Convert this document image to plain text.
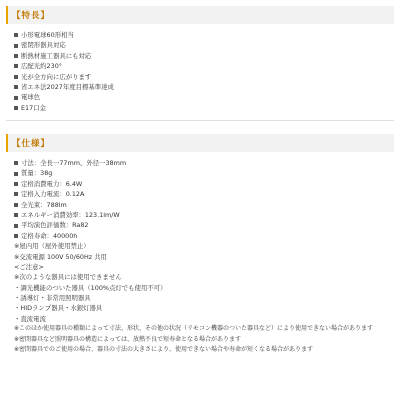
【特長】
小形電球60形相当
密閉形器具対応
断熱材施工器具にも対応
広配光約230°
光が全方向に広がります
省エネ法2027年度目標基準達成
電球色
E17口金
【仕様】
寸法：全長一77mm、外径一38mm
質量：38g
定格消費電力：6.4W
定格入力電流：0.12A
全光束：788lm
エネルギー消費効率：123.1lm/W
平均演色評価数：Ra82
定格寿命：40000h
※屋内用（屋外使用禁止）
※交流電源 100V 50/60Hz 共用
<ご注意>
※次のような器具には使用できません
・調光機能のついた器具（100%点灯でも使用不可）
・誘導灯・非常用照明器具
・HIDランプ器具・水銀灯器具
・直流電流
※このほか使用器具の種類によって寸法、形状、その他の状況（リモコン機器のついた器具など）により使用できない場合があります
※密閉器具など照明器具の構造によっては、放熱不良で短寿命となる場合があります
※密閉器具でのご使用の場合、器具の寸法の大きさにより、使用できない場合や寿命が短くなる場合があります
